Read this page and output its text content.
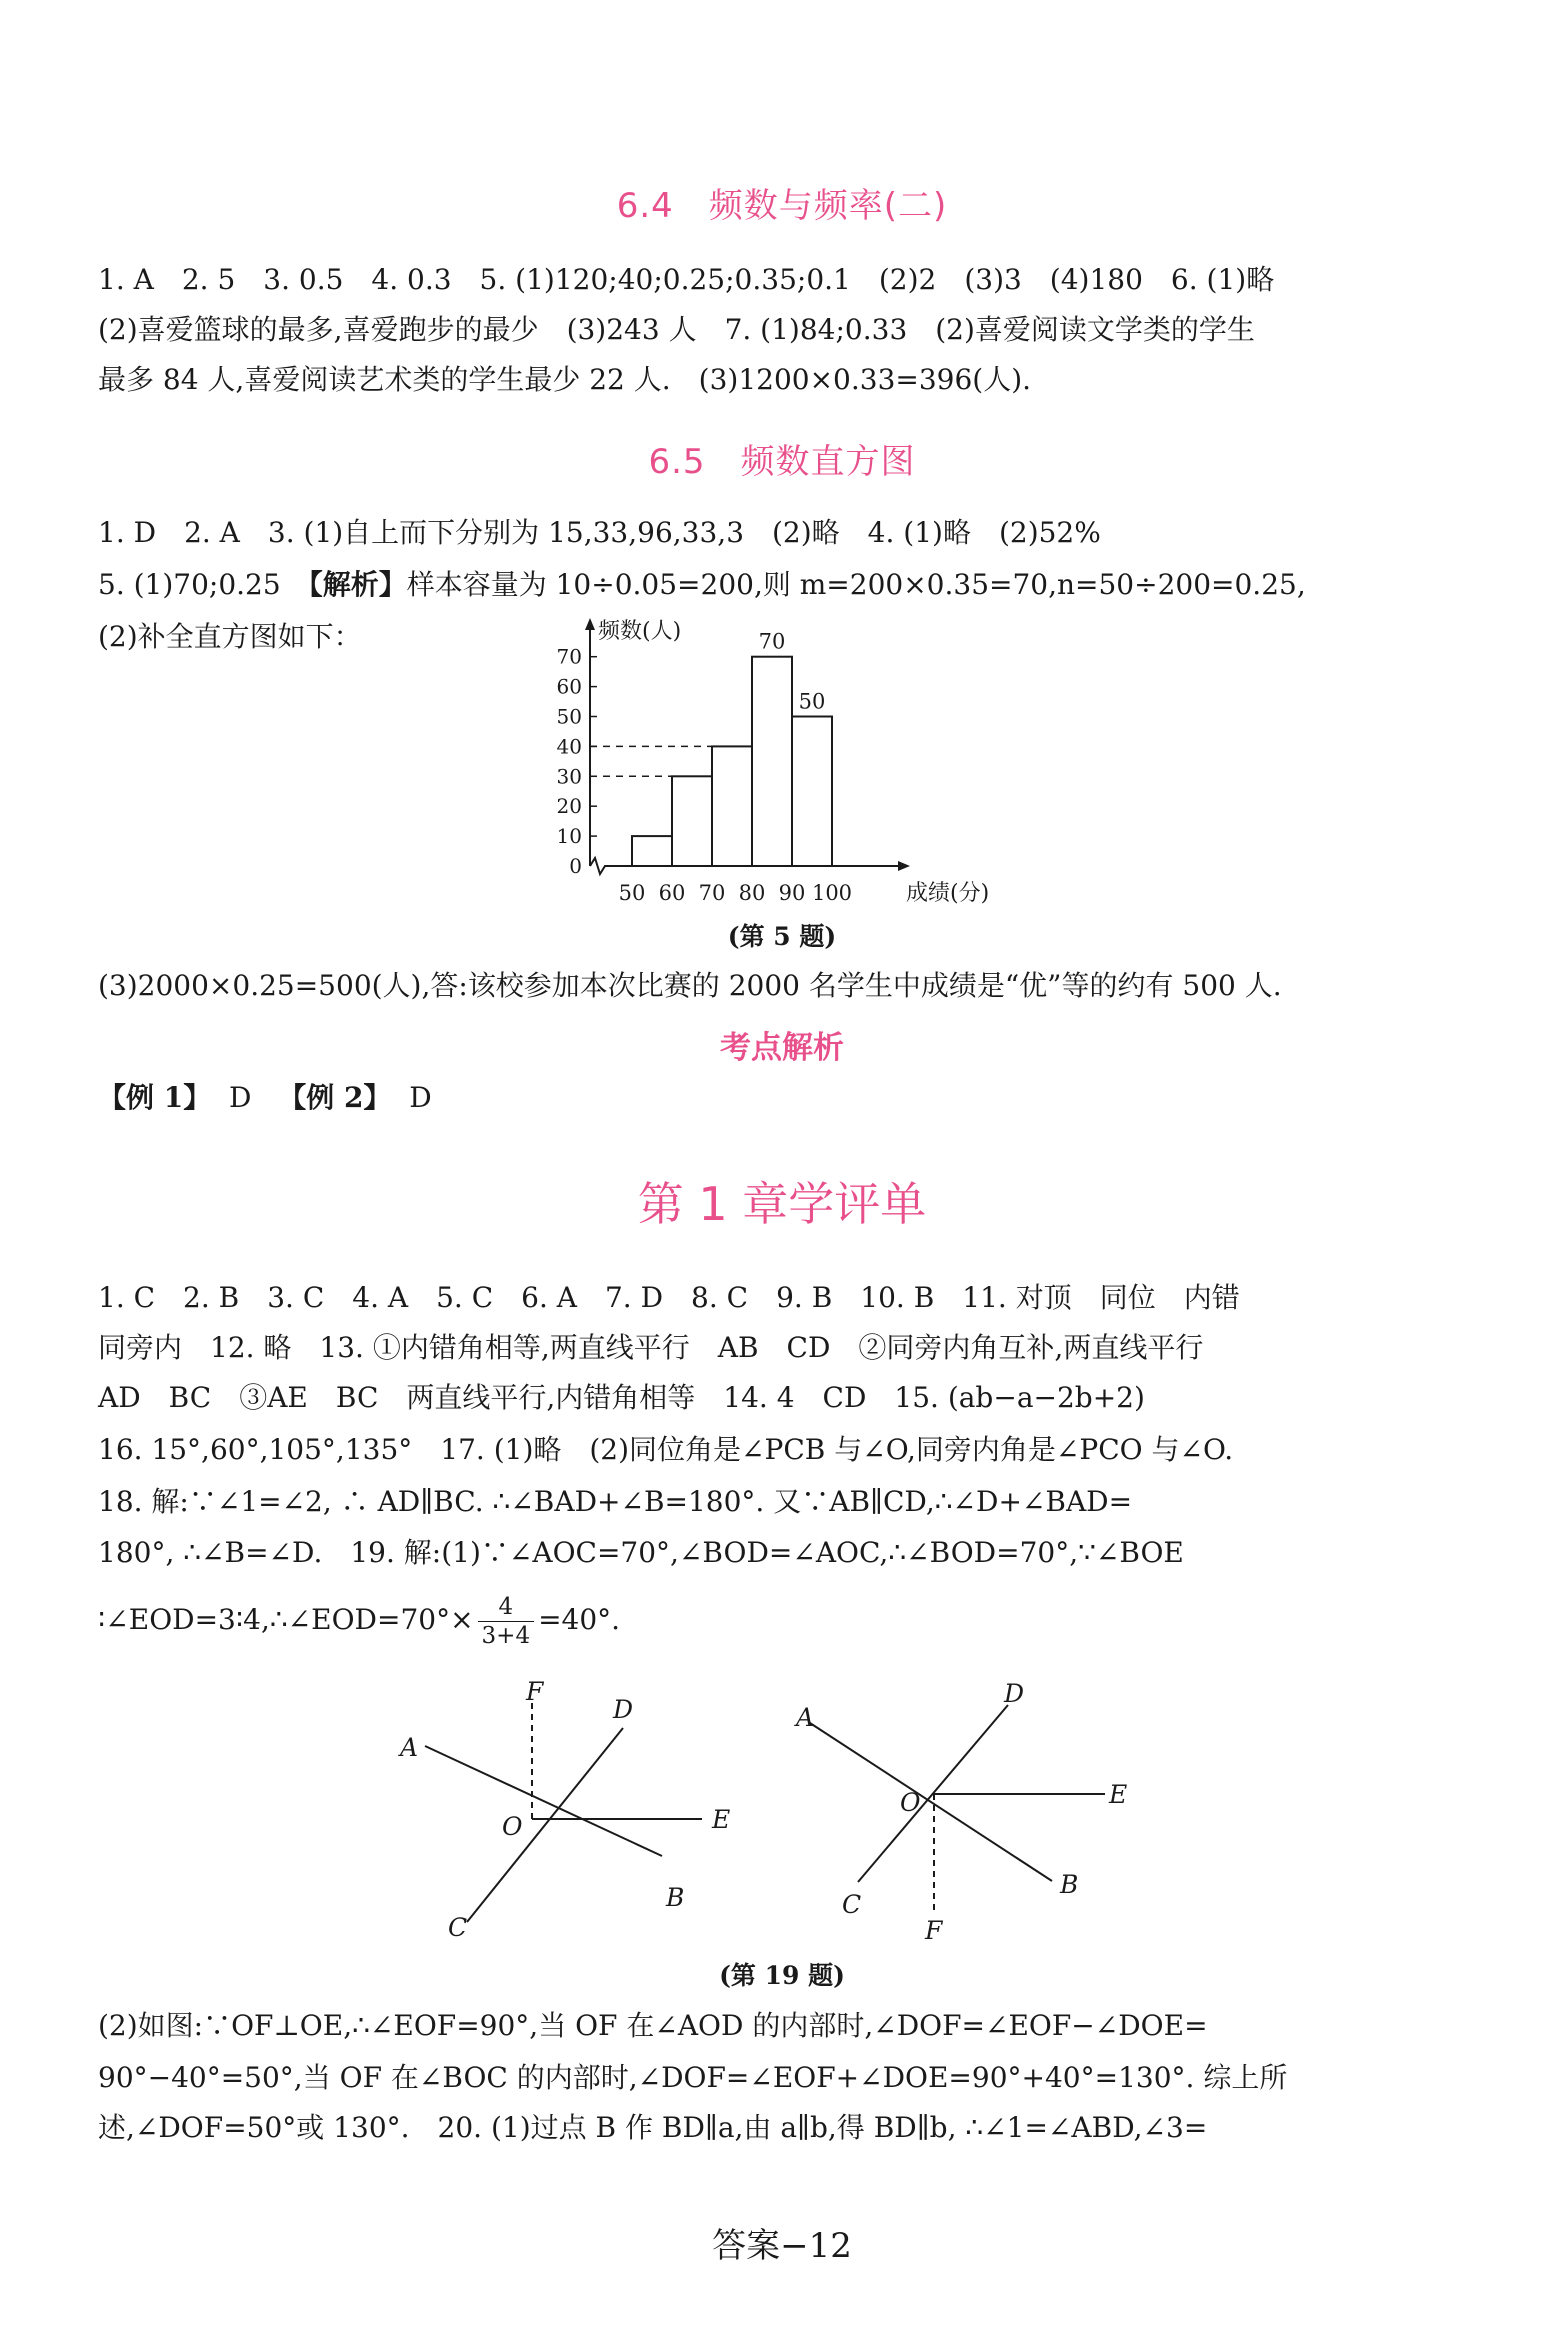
6.4　频数与频率(二)
1. A　2. 5　3. 0.5　4. 0.3　5. (1)120;40;0.25;0.35;0.1　(2)2　(3)3　(4)180　6. (1)略
(2)喜爱篮球的最多,喜爱跑步的最少　(3)243 人　7. (1)84;0.33　(2)喜爱阅读文学类的学生
最多 84 人,喜爱阅读艺术类的学生最少 22 人.　(3)1200×0.33=396(人).
6.5　频数直方图
1. D　2. A　3. (1)自上而下分别为 15,33,96,33,3　(2)略　4. (1)略　(2)52%
5. (1)70;0.25　【解析】样本容量为 10÷0.05=200,则 m=200×0.35=70,n=50÷200=0.25,
(2)补全直方图如下：
0
10
20
30
40
50
60
70
70
50
50 60 70 80 90 100
频数(人)
成绩(分)
(第 5 题)
(3)2000×0.25=500(人),答:该校参加本次比赛的 2000 名学生中成绩是“优”等的约有 500 人.
考点解析
【例 1】 D 【例 2】 D
第 1 章学评单
1. C　2. B　3. C　4. A　5. C　6. A　7. D　8. C　9. B　10. B　11. 对顶　同位　内错
同旁内　12. 略　13. ①内错角相等,两直线平行　AB　CD　②同旁内角互补,两直线平行
AD　BC　③AE　BC　两直线平行,内错角相等　14. 4　CD　15. (ab−a−2b+2)
16. 15°,60°,105°,135°　17. (1)略　(2)同位角是∠PCB 与∠O,同旁内角是∠PCO 与∠O.
18. 解:∵∠1=∠2, ∴ AD∥BC. ∴∠BAD+∠B=180°. 又∵AB∥CD,∴∠D+∠BAD=
180°, ∴∠B=∠D.　19. 解:(1)∵∠AOC=70°,∠BOD=∠AOC,∴∠BOD=70°,∵∠BOE
∶∠EOD=3∶4,∴∠EOD=70°× $\frac{4}{3+4} =40^\circ$.
A
F
D
O	E
B
C
A
D
O	E
B
C
F
(第 19 题)
(2)如图:∵OF⊥OE,∴∠EOF=90°,当 OF 在∠AOD 的内部时,∠DOF=∠EOF−∠DOE=
90°−40°=50°,当 OF 在∠BOC 的内部时,∠DOF=∠EOF+∠DOE=90°+40°=130°. 综上所
述,∠DOF=50°或 130°.　20. (1)过点 B 作 BD∥a,由 a∥b,得 BD∥b, ∴∠1=∠ABD,∠3=
答案−12
